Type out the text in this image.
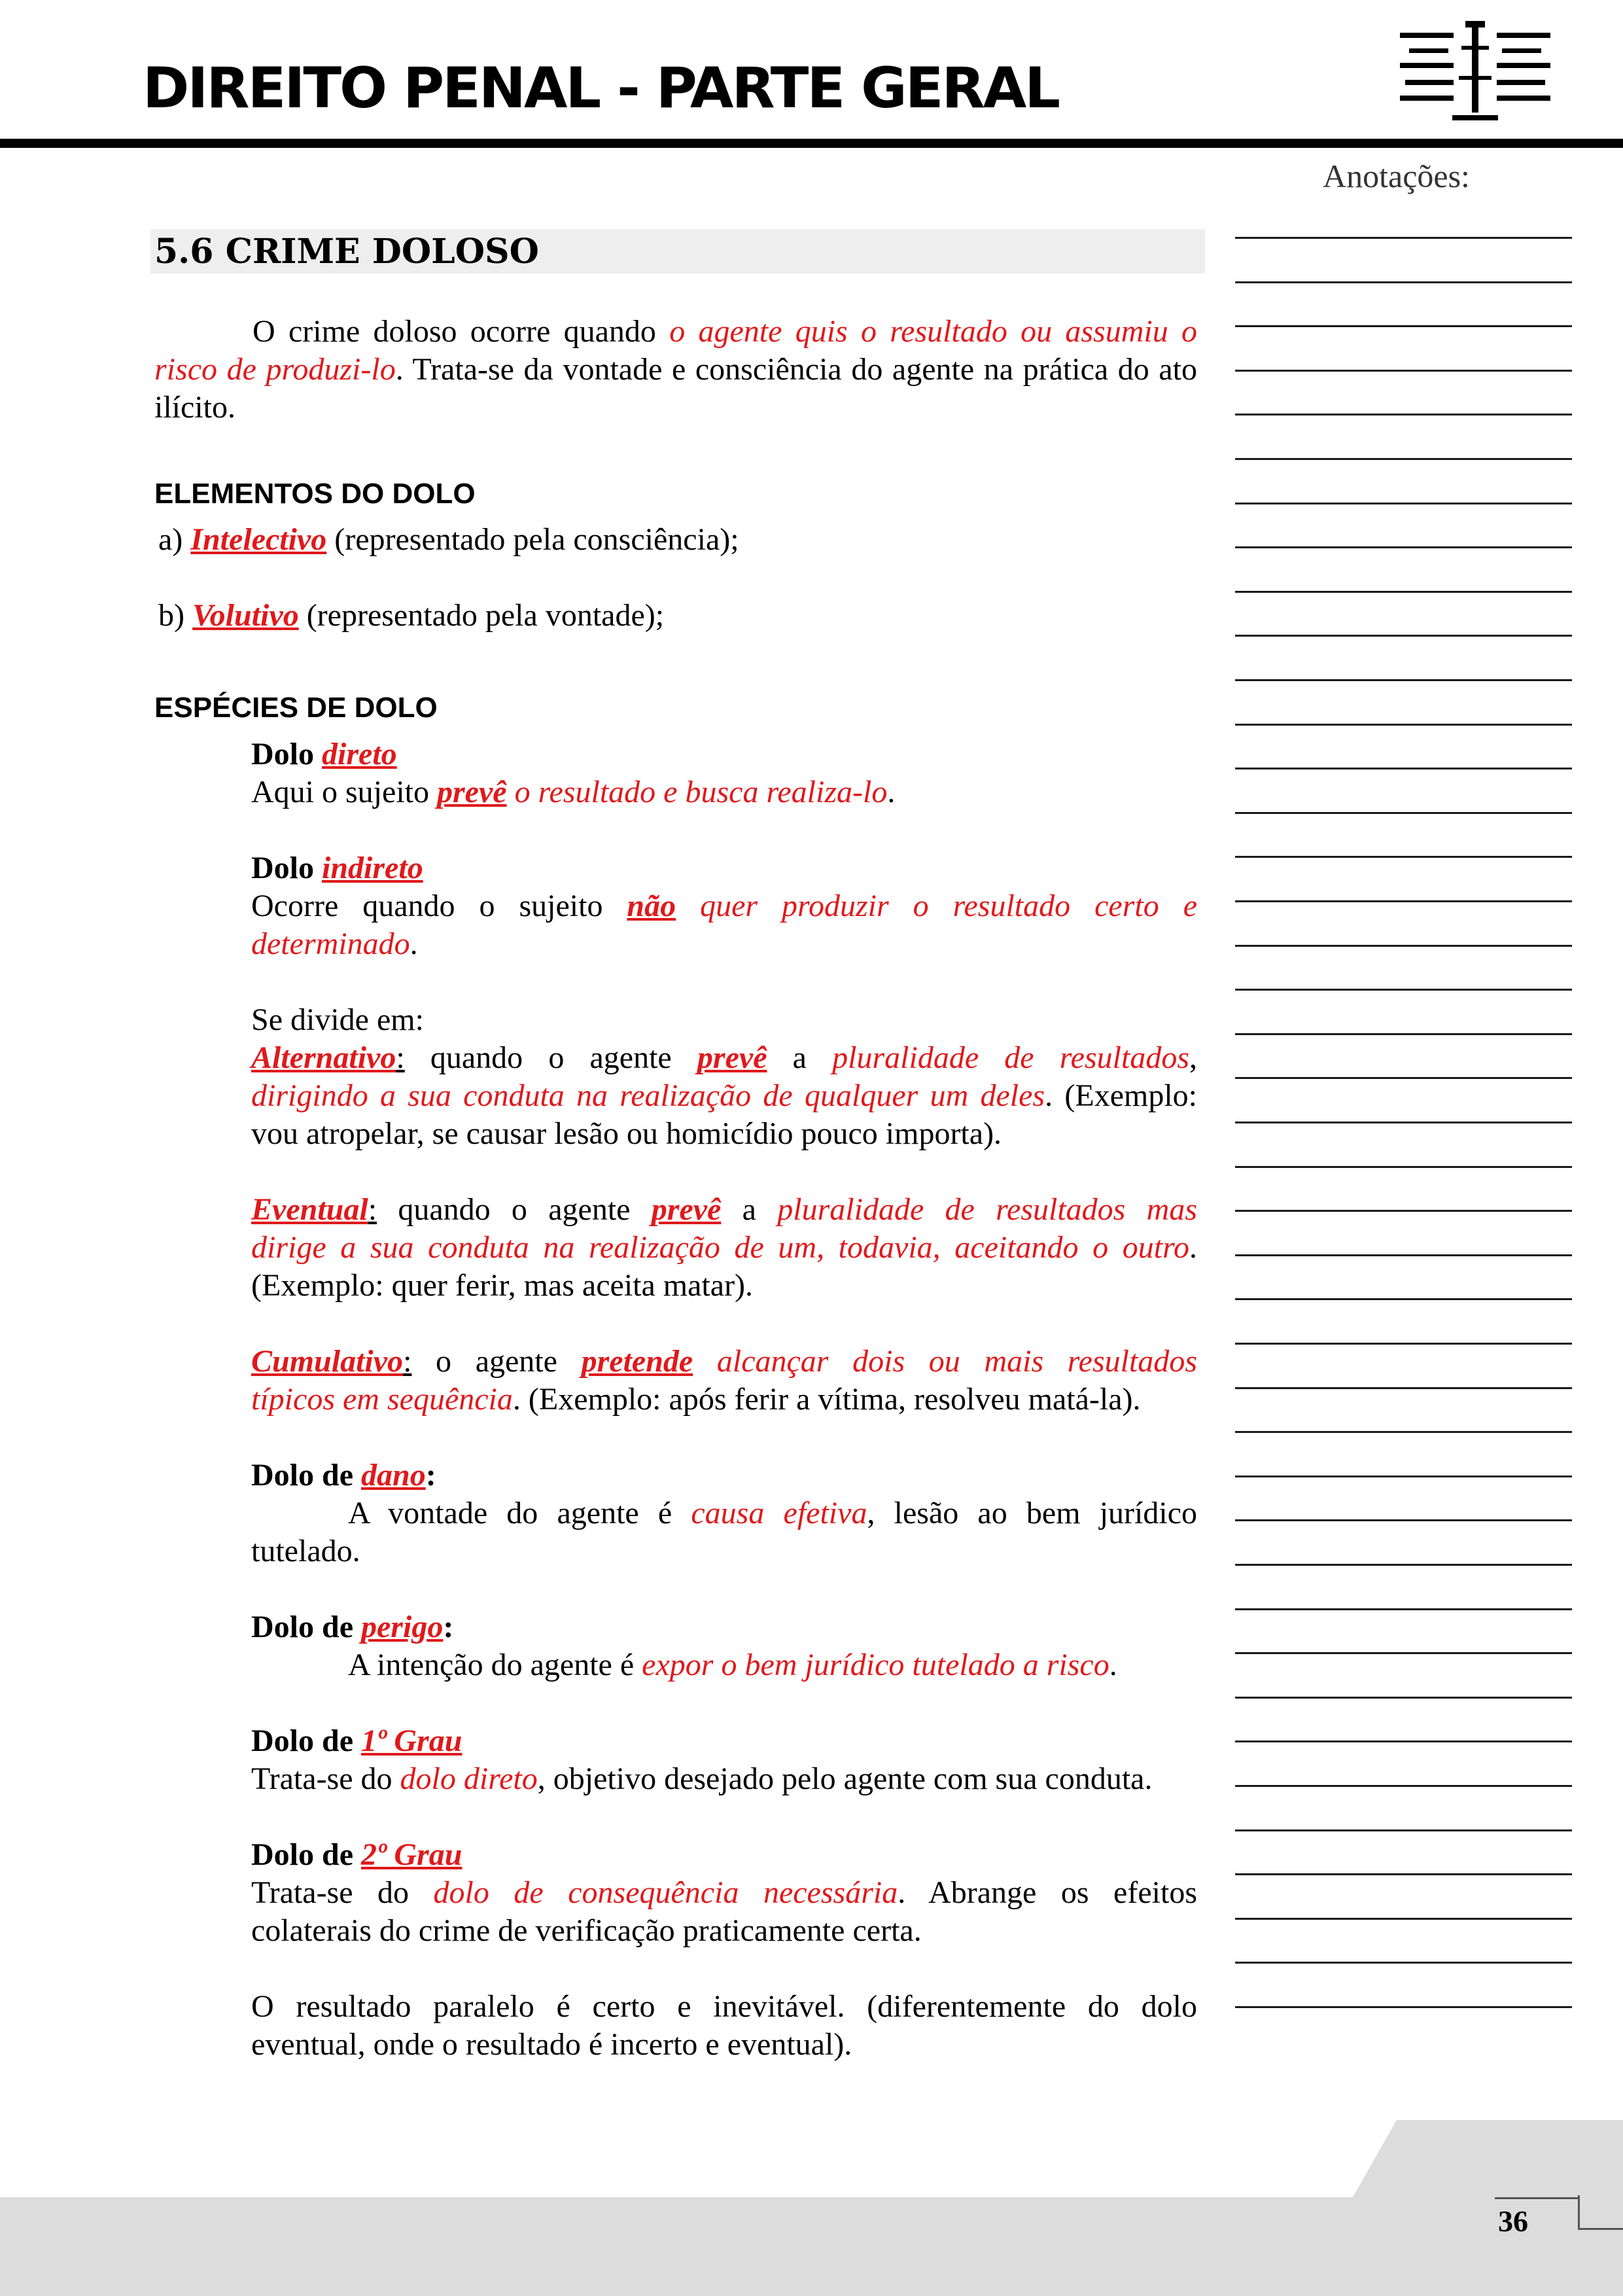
DIREITO PENAL - PARTE GERAL
Anotações:
5.6 CRIME DOLOSO
O crime doloso ocorre quando o agente quis o resultado ou assumiu o risco de produzi-lo. Trata-se da vontade e consciência do agente na prática do ato ilícito.
ELEMENTOS DO DOLO
a) Intelectivo (representado pela consciência);
b) Volutivo (representado pela vontade);
ESPÉCIES DE DOLO
Dolo direto
Aqui o sujeito prevê o resultado e busca realiza-lo.
Dolo indireto
Ocorre quando o sujeito não quer produzir o resultado certo e
determinado.
Se divide em:
Alternativo: quando o agente prevê a pluralidade de resultados,
dirigindo a sua conduta na realização de qualquer um deles. (Exemplo:
vou atropelar, se causar lesão ou homicídio pouco importa).
Eventual: quando o agente prevê a pluralidade de resultados mas
dirige a sua conduta na realização de um, todavia, aceitando o outro.
(Exemplo: quer ferir, mas aceita matar).
Cumulativo: o agente pretende alcançar dois ou mais resultados
típicos em sequência. (Exemplo: após ferir a vítima, resolveu matá-la).
Dolo de dano:
A vontade do agente é causa efetiva, lesão ao bem jurídico
tutelado.
Dolo de perigo:
A intenção do agente é expor o bem jurídico tutelado a risco.
Dolo de 1º Grau
Trata-se do dolo direto, objetivo desejado pelo agente com sua conduta.
Dolo de 2º Grau
Trata-se do dolo de consequência necessária. Abrange os efeitos
colaterais do crime de verificação praticamente certa.
O resultado paralelo é certo e inevitável. (diferentemente do dolo
eventual, onde o resultado é incerto e eventual).
36
